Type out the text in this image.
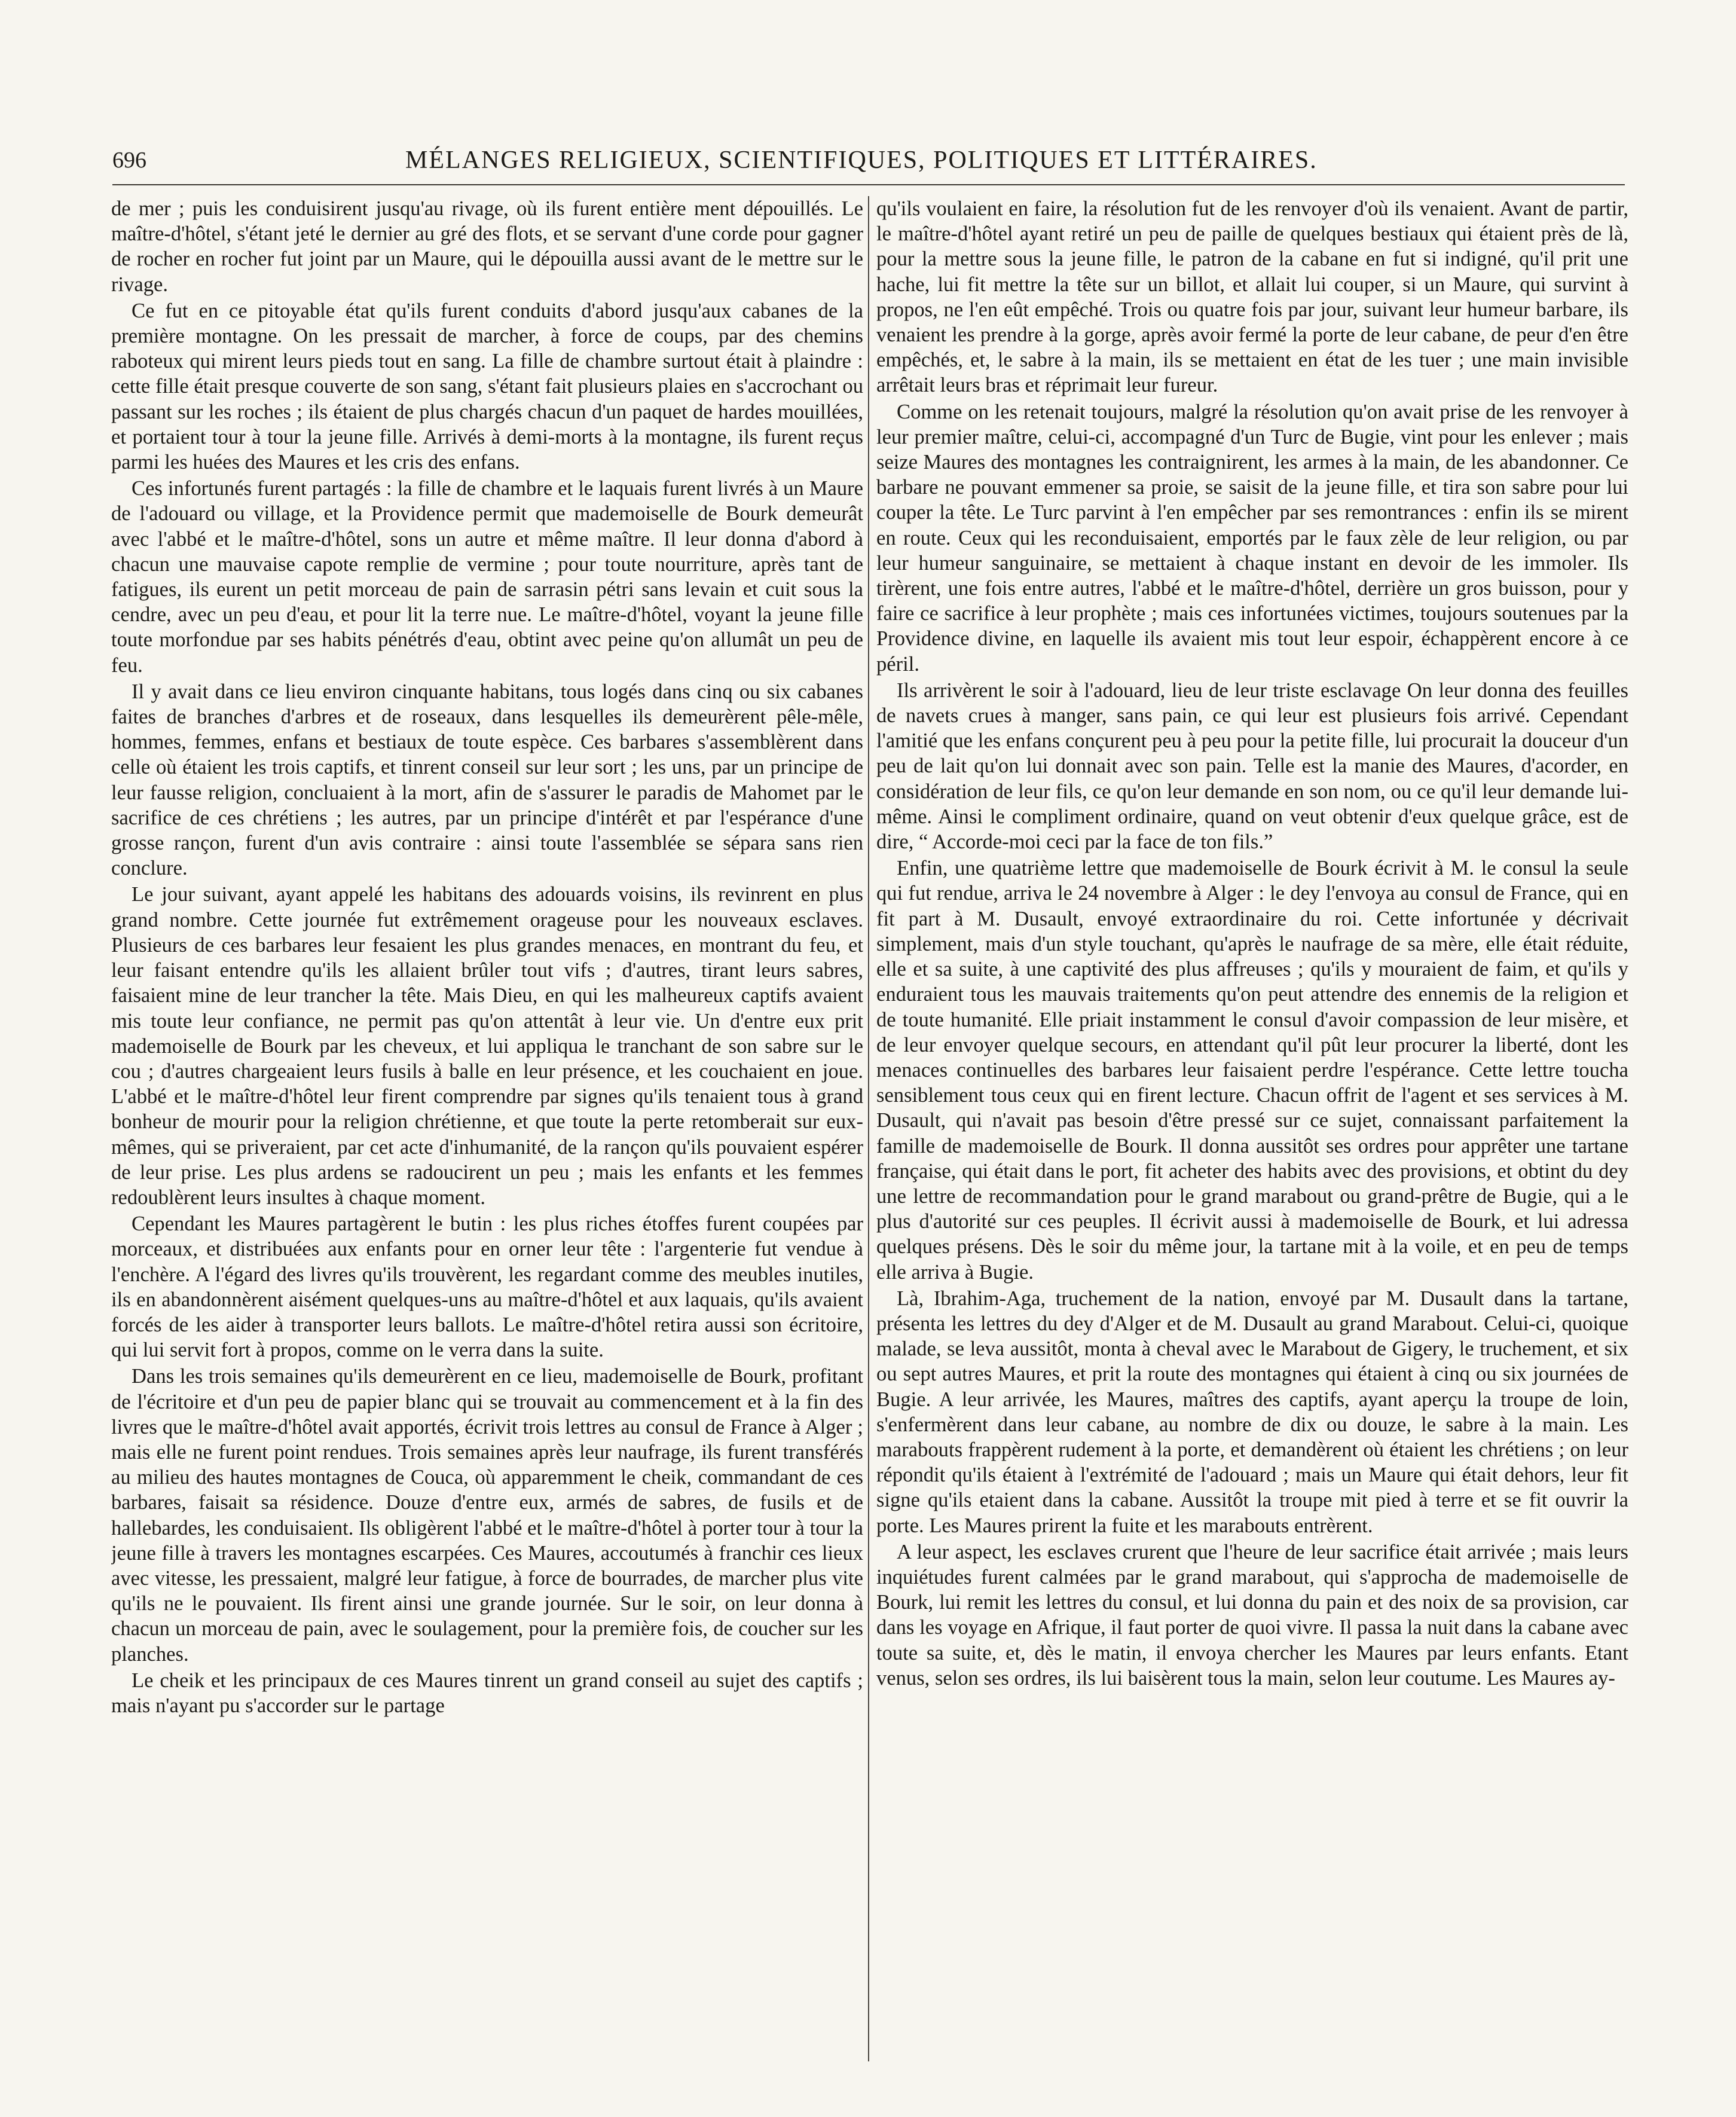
696	MÉLANGES RELIGIEUX, SCIENTIFIQUES, POLITIQUES ET LITTÉRAIRES.

de mer ; puis les conduisirent jusqu'au rivage, où ils furent entière ment dépouillés. Le maître-d'hôtel, s'étant jeté le dernier au gré des flots, et se servant d'une corde pour gagner de rocher en rocher fut joint par un Maure, qui le dépouilla aussi avant de le mettre sur le rivage.

Ce fut en ce pitoyable état qu'ils furent conduits d'abord jusqu'aux cabanes de la première montagne. On les pressait de marcher, à force de coups, par des chemins raboteux qui mirent leurs pieds tout en sang. La fille de chambre surtout était à plaindre : cette fille était presque couverte de son sang, s'étant fait plusieurs plaies en s'accrochant ou passant sur les roches ; ils étaient de plus chargés chacun d'un paquet de hardes mouillées, et portaient tour à tour la jeune fille. Arrivés à demi-morts à la montagne, ils furent reçus parmi les huées des Maures et les cris des enfans.

Ces infortunés furent partagés : la fille de chambre et le laquais furent livrés à un Maure de l'adouard ou village, et la Providence permit que mademoiselle de Bourk demeurât avec l'abbé et le maître-d'hôtel, sons un autre et même maître. Il leur donna d'abord à chacun une mauvaise capote remplie de vermine ; pour toute nourriture, après tant de fatigues, ils eurent un petit morceau de pain de sarrasin pétri sans levain et cuit sous la cendre, avec un peu d'eau, et pour lit la terre nue. Le maître-d'hôtel, voyant la jeune fille toute morfondue par ses habits pénétrés d'eau, obtint avec peine qu'on allumât un peu de feu.

Il y avait dans ce lieu environ cinquante habitans, tous logés dans cinq ou six cabanes faites de branches d'arbres et de roseaux, dans lesquelles ils demeurèrent pêle-mêle, hommes, femmes, enfans et bestiaux de toute espèce. Ces barbares s'assemblèrent dans celle où étaient les trois captifs, et tinrent conseil sur leur sort ; les uns, par un principe de leur fausse religion, concluaient à la mort, afin de s'assurer le paradis de Mahomet par le sacrifice de ces chrétiens ; les autres, par un principe d'intérêt et par l'espérance d'une grosse rançon, furent d'un avis contraire : ainsi toute l'assemblée se sépara sans rien conclure.

Le jour suivant, ayant appelé les habitans des adouards voisins, ils revinrent en plus grand nombre. Cette journée fut extrêmement orageuse pour les nouveaux esclaves. Plusieurs de ces barbares leur fesaient les plus grandes menaces, en montrant du feu, et leur faisant entendre qu'ils les allaient brûler tout vifs ; d'autres, tirant leurs sabres, faisaient mine de leur trancher la tête. Mais Dieu, en qui les malheureux captifs avaient mis toute leur confiance, ne permit pas qu'on attentât à leur vie. Un d'entre eux prit mademoiselle de Bourk par les cheveux, et lui appliqua le tranchant de son sabre sur le cou ; d'autres chargeaient leurs fusils à balle en leur présence, et les couchaient en joue. L'abbé et le maître-d'hôtel leur firent comprendre par signes qu'ils tenaient tous à grand bonheur de mourir pour la religion chrétienne, et que toute la perte retomberait sur eux-mêmes, qui se priveraient, par cet acte d'inhumanité, de la rançon qu'ils pouvaient espérer de leur prise. Les plus ardens se radoucirent un peu ; mais les enfants et les femmes redoublèrent leurs insultes à chaque moment.

Cependant les Maures partagèrent le butin : les plus riches étoffes furent coupées par morceaux, et distribuées aux enfants pour en orner leur tête : l'argenterie fut vendue à l'enchère. A l'égard des livres qu'ils trouvèrent, les regardant comme des meubles inutiles, ils en abandonnèrent aisément quelques-uns au maître-d'hôtel et aux laquais, qu'ils avaient forcés de les aider à transporter leurs ballots. Le maître-d'hôtel retira aussi son écritoire, qui lui servit fort à propos, comme on le verra dans la suite.

Dans les trois semaines qu'ils demeurèrent en ce lieu, mademoiselle de Bourk, profitant de l'écritoire et d'un peu de papier blanc qui se trouvait au commencement et à la fin des livres que le maître-d'hôtel avait apportés, écrivit trois lettres au consul de France à Alger ; mais elle ne furent point rendues. Trois semaines après leur naufrage, ils furent transférés au milieu des hautes montagnes de Couca, où apparemment le cheik, commandant de ces barbares, faisait sa résidence. Douze d'entre eux, armés de sabres, de fusils et de hallebardes, les conduisaient. Ils obligèrent l'abbé et le maître-d'hôtel à porter tour à tour la jeune fille à travers les montagnes escarpées. Ces Maures, accoutumés à franchir ces lieux avec vitesse, les pressaient, malgré leur fatigue, à force de bourrades, de marcher plus vite qu'ils ne le pouvaient. Ils firent ainsi une grande journée. Sur le soir, on leur donna à chacun un morceau de pain, avec le soulagement, pour la première fois, de coucher sur les planches.

Le cheik et les principaux de ces Maures tinrent un grand conseil au sujet des captifs ; mais n'ayant pu s'accorder sur le partage

qu'ils voulaient en faire, la résolution fut de les renvoyer d'où ils venaient. Avant de partir, le maître-d'hôtel ayant retiré un peu de paille de quelques bestiaux qui étaient près de là, pour la mettre sous la jeune fille, le patron de la cabane en fut si indigné, qu'il prit une hache, lui fit mettre la tête sur un billot, et allait lui couper, si un Maure, qui survint à propos, ne l'en eût empêché. Trois ou quatre fois par jour, suivant leur humeur barbare, ils venaient les prendre à la gorge, après avoir fermé la porte de leur cabane, de peur d'en être empêchés, et, le sabre à la main, ils se mettaient en état de les tuer ; une main invisible arrêtait leurs bras et réprimait leur fureur.

Comme on les retenait toujours, malgré la résolution qu'on avait prise de les renvoyer à leur premier maître, celui-ci, accompagné d'un Turc de Bugie, vint pour les enlever ; mais seize Maures des montagnes les contraignirent, les armes à la main, de les abandonner. Ce barbare ne pouvant emmener sa proie, se saisit de la jeune fille, et tira son sabre pour lui couper la tête. Le Turc parvint à l'en empêcher par ses remontrances : enfin ils se mirent en route. Ceux qui les reconduisaient, emportés par le faux zèle de leur religion, ou par leur humeur sanguinaire, se mettaient à chaque instant en devoir de les immoler. Ils tirèrent, une fois entre autres, l'abbé et le maître-d'hôtel, derrière un gros buisson, pour y faire ce sacrifice à leur prophète ; mais ces infortunées victimes, toujours soutenues par la Providence divine, en laquelle ils avaient mis tout leur espoir, échappèrent encore à ce péril.

Ils arrivèrent le soir à l'adouard, lieu de leur triste esclavage On leur donna des feuilles de navets crues à manger, sans pain, ce qui leur est plusieurs fois arrivé. Cependant l'amitié que les enfans conçurent peu à peu pour la petite fille, lui procurait la douceur d'un peu de lait qu'on lui donnait avec son pain. Telle est la manie des Maures, d'acorder, en considération de leur fils, ce qu'on leur demande en son nom, ou ce qu'il leur demande lui-même. Ainsi le compliment ordinaire, quand on veut obtenir d'eux quelque grâce, est de dire, “ Accorde-moi ceci par la face de ton fils.”

Enfin, une quatrième lettre que mademoiselle de Bourk écrivit à M. le consul la seule qui fut rendue, arriva le 24 novembre à Alger : le dey l'envoya au consul de France, qui en fit part à M. Dusault, envoyé extraordinaire du roi. Cette infortunée y décrivait simplement, mais d'un style touchant, qu'après le naufrage de sa mère, elle était réduite, elle et sa suite, à une captivité des plus affreuses ; qu'ils y mouraient de faim, et qu'ils y enduraient tous les mauvais traitements qu'on peut attendre des ennemis de la religion et de toute humanité. Elle priait instamment le consul d'avoir compassion de leur misère, et de leur envoyer quelque secours, en attendant qu'il pût leur procurer la liberté, dont les menaces continuelles des barbares leur faisaient perdre l'espérance. Cette lettre toucha sensiblement tous ceux qui en firent lecture. Chacun offrit de l'agent et ses services à M. Dusault, qui n'avait pas besoin d'être pressé sur ce sujet, connaissant parfaitement la famille de mademoiselle de Bourk. Il donna aussitôt ses ordres pour apprêter une tartane française, qui était dans le port, fit acheter des habits avec des provisions, et obtint du dey une lettre de recommandation pour le grand marabout ou grand-prêtre de Bugie, qui a le plus d'autorité sur ces peuples. Il écrivit aussi à mademoiselle de Bourk, et lui adressa quelques présens. Dès le soir du même jour, la tartane mit à la voile, et en peu de temps elle arriva à Bugie.

Là, Ibrahim-Aga, truchement de la nation, envoyé par M. Dusault dans la tartane, présenta les lettres du dey d'Alger et de M. Dusault au grand Marabout. Celui-ci, quoique malade, se leva aussitôt, monta à cheval avec le Marabout de Gigery, le truchement, et six ou sept autres Maures, et prit la route des montagnes qui étaient à cinq ou six journées de Bugie. A leur arrivée, les Maures, maîtres des captifs, ayant aperçu la troupe de loin, s'enfermèrent dans leur cabane, au nombre de dix ou douze, le sabre à la main. Les marabouts frappèrent rudement à la porte, et demandèrent où étaient les chrétiens ; on leur répondit qu'ils étaient à l'extrémité de l'adouard ; mais un Maure qui était dehors, leur fit signe qu'ils etaient dans la cabane. Aussitôt la troupe mit pied à terre et se fit ouvrir la porte. Les Maures prirent la fuite et les marabouts entrèrent.

A leur aspect, les esclaves crurent que l'heure de leur sacrifice était arrivée ; mais leurs inquiétudes furent calmées par le grand marabout, qui s'approcha de mademoiselle de Bourk, lui remit les lettres du consul, et lui donna du pain et des noix de sa provision, car dans les voyage en Afrique, il faut porter de quoi vivre. Il passa la nuit dans la cabane avec toute sa suite, et, dès le matin, il envoya chercher les Maures par leurs enfants. Etant venus, selon ses ordres, ils lui baisèrent tous la main, selon leur coutume. Les Maures ay-
